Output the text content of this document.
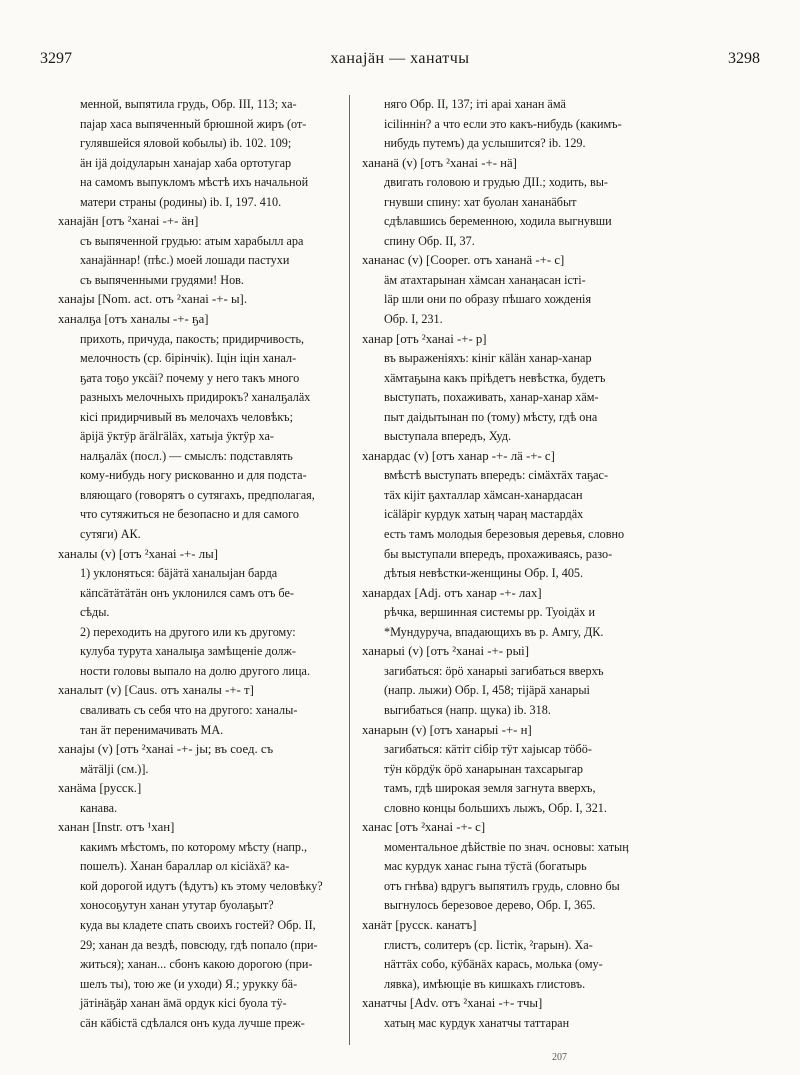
3297	ханаjӓн — ханатчы	3298
менной, выпятила грудь, Обр. III, 113; ха-
паjар хаса выпяченный брюшной жиръ (от-
гулявшейся яловой кобылы) ib. 102. 109;
ӓн iјӓ доідуларын ханаjар хаба ортотугар
на самомъ выпукломъ мѣстѣ ихъ начальной
матери страны (родины) ib. I, 197. 410.
ханаjӓн [отъ ²ханаі -+- ӓн]
съ выпяченной грудью: атым харабылл ара
ханаjӓннар! (пѣс.) моей лошади пастухи
съ выпяченными грудями! Нов.
ханаjы [Nom. act. отъ ²ханаі -+- ы].
ханалҕа [отъ ханалы -+- ҕа]
прихоть, причуда, пакость; придирчивость,
мелочность (ср. бірінчік). Іцін іцін ханал-
ҕата тоҕо уксӓі? почему у него такъ много
разныхъ мелочныхъ придирокъ? ханалҕалӓх
кісі придирчивый въ мелочахъ человѣкъ;
ӓріјӓ ӱктӱр ӓгӓlгӓlӓх, хатыја ӱктӱр ха-
налҕалӓх (посл.) — смыслъ: подставлять
кому-нибудь ногу рискованно и для подста-
вляющаго (говорятъ о сутягахъ, предполагая,
что сутяжиться не безопасно и для самого
сутяги) АК.
ханалы (v) [отъ ²ханаі -+- лы]
1) уклоняться: бӓјӓтӓ ханалыјан барда
кӓпсӓтӓтӓтӓн онъ уклонился самъ отъ бе-
сѣды.
2) переходить на другого или къ другому:
кулуба турута ханалыҕа замѣщеніе долж-
ности головы выпало на долю другого лица.
ханалыт (v) [Caus. отъ ханалы -+- т]
сваливать съ себя что на другого: ханалы-
тан ӓт перенимачивать МА.
ханаjы (v) [отъ ²ханаі -+- јы; въ соед. съ
мӓтӓlјі (см.)].
ханӓма [русск.]
канава.
ханан [Instr. отъ ¹хан]
какимъ мѣстомъ, по которому мѣсту (напр.,
пошелъ). Ханан бараллар ол кісіӓхӓ? ка-
кой дорогой идутъ (ѣдутъ) къ этому человѣку?
хоносоҕутун ханан утутар буолаҕыт?
куда вы кладете спать своихъ гостей? Обр. II,
29; ханан да вездѣ, повсюду, гдѣ попало (при-
житься); ханан... сбонъ какою дорогою (при-
шелъ ты), тою же (и уходи) Я.; урукку бӓ-
јӓтiнӓҕӓр ханан ӓмӓ ордук кісі буола тӱ-
сӓн кӓбістӓ сдѣлался онъ куда лучше преж-
няго Обр. II, 137; іті араі ханан ӓмӓ
ісіlіннін? а что если это какъ-нибудь (какимъ-
нибудь путемъ) да услышится? ib. 129.
хананӓ (v) [отъ ²ханаі -+- нӓ]
двигать головою и грудью ДII.; ходить, вы-
гнувши спину: хат буолан хананӓбыт
сдѣлавшись беременною, ходила выгнувши
спину Обр. II, 37.
хананас (v) [Cooper. отъ хананӓ -+- с]
ӓм атахтарынан хӓмсан ханаӊасан істі-
lӓр шли они по образу пѣшаго хожденія
Обр. I, 231.
ханар [отъ ²ханаі -+- р]
въ выраженіяхъ: кініг кӓlӓн ханар-ханар
хӓмтаҕына какъ пріѣдетъ невѣстка, будетъ
выступать, похаживать, ханар-ханар хӓм-
пыт даідытынан по (тому) мѣсту, гдѣ она
выступала впередъ, Худ.
ханардас (v) [отъ ханар -+- лӓ -+- с]
вмѣстѣ выступать впередъ: сімӓхтӓх таҕас-
тӓх кіјіт ҕахталлар хӓмсан-ханардасан
ісӓlӓріг курдук хатыӊ чараӊ мастардӓх
есть тамъ молодыя березовыя деревья, словно
бы выступали впередъ, прохаживаясь, разо-
дѣтыя невѣстки-женщины Обр. I, 405.
ханардах [Adj. отъ ханар -+- лах]
рѣчка, вершинная системы рр. Туоідӓх и
*Мундуруча, впадающихъ въ р. Амгу, ДК.
ханарыі (v) [отъ ²ханаі -+- рыі]
загибаться: ӧрӧ ханарыі загибаться вверхъ
(напр. лыжи) Обр. I, 458; тіjӓрӓ ханарыі
выгибаться (напр. щука) ib. 318.
ханарын (v) [отъ ханарыі -+- н]
загибаться: кӓтіт сібір тӱт хаjысар тӧбӧ-
тӱн кӧрдӱк ӧрӧ ханарынан тахсарыгар
тамъ, гдѣ широкая земля загнута вверхъ,
словно концы большихъ лыжъ, Обр. I, 321.
ханас [отъ ²ханаі -+- с]
моментальное дѣйствіе по знач. основы: хатыӊ
мас курдук ханас гына тӱстӓ (богатырь
отъ гнѣва) вдругъ выпятилъ грудь, словно бы
выгнулось березовое дерево, Обр. I, 365.
ханӓт [русск. канатъ]
глистъ, солитеръ (ср. Іістік, ²гарын). Ха-
нӓттӓх собо, кӱбӓнӓх карась, молька (ому-
лявка), имѣющіе въ кишкахъ глистовъ.
ханатчы [Adv. отъ ²ханаі -+- тчы]
хатыӊ мас курдук ханатчы таттаран
207
